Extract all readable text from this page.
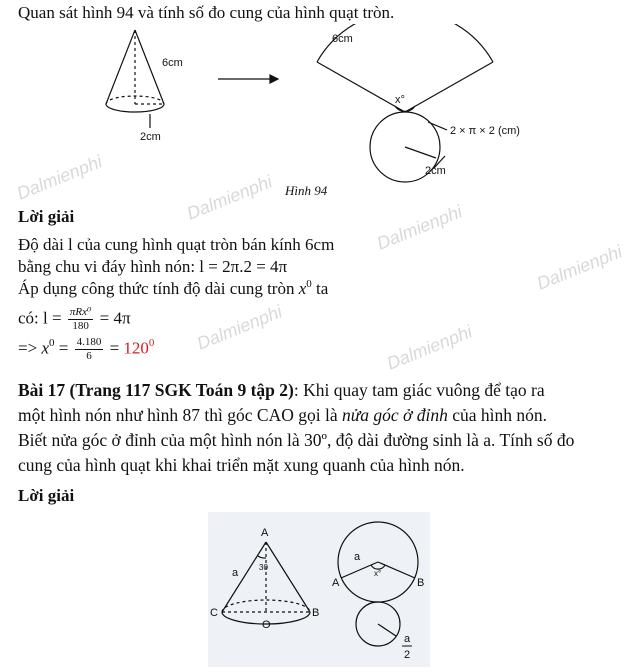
Dalmienphi	Dalmienphi
Dalmienphi
Dalmienphi
Dalmienphi	Dalmienphi
Quan sát hình 94 và tính số đo cung của hình quạt tròn.
6cm
2cm
6cm
x°
2 × π × 2 (cm)
2cm
Hình 94
Lời giải
Độ dài l của cung hình quạt tròn bán kính 6cm
bằng chu vi đáy hình nón: l = 2π.2 = 4π
Áp dụng công thức tính độ dài cung tròn $x^0$ ta
có: $l = \frac{\text{πRx⁰}}{180} = 4\pi$
=> $x^0 = \frac{4.180}{6} = 120^0$
Bài 17 (Trang 117 SGK Toán 9 tập 2): Khi quay tam giác vuông để tạo ra
một hình nón như hình 87 thì góc CAO gọi là nửa góc ở đỉnh của hình nón.
Biết nửa góc ở đỉnh của một hình nón là 30º, độ dài đường sinh là a. Tính số đo
cung của hình quạt khi khai triển mặt xung quanh của hình nón.
Lời giải
A
C
O
B
a	30
A	B
a
x°
a
2
